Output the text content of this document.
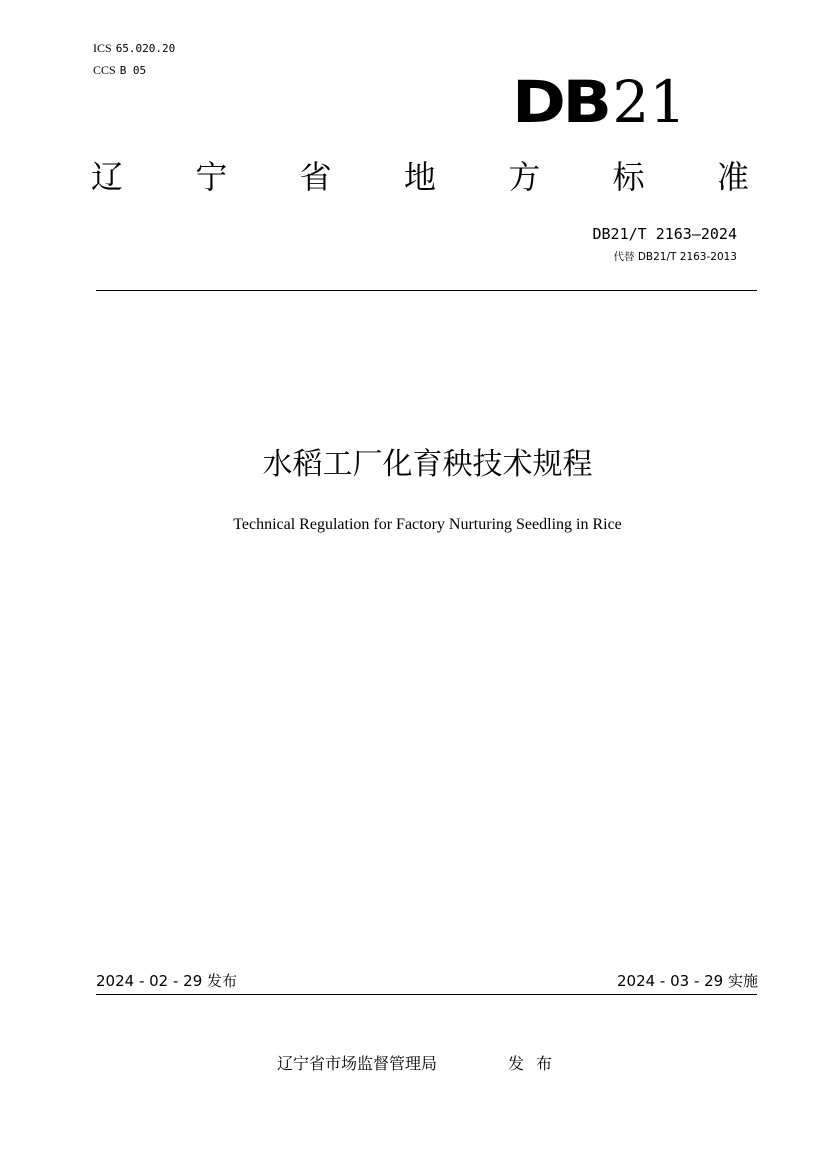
ICS 65.020.20
CCS B 05	DB21
辽 宁 省 地 方 标 准
DB21/T 2163—2024
代替 DB21/T 2163-2013
水稻工厂化育秧技术规程
Technical Regulation for Factory Nurturing Seedling in Rice
2024 - 02 - 29 发布	2024 - 03 - 29 实施
辽宁省市场监督管理局	发布
